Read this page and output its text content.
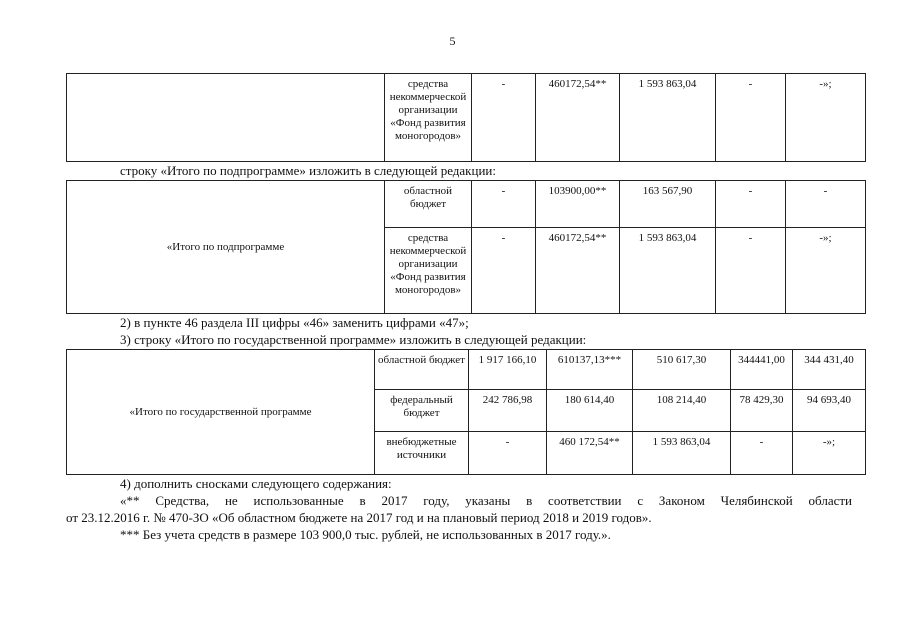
5
	средства некоммерческой организации «Фонд развития моногородов»	-	460172,54**	1 593 863,04	-	-»;
строку «Итого по подпрограмме» изложить в следующей редакции:
«Итого по подпрограмме	областной бюджет	-	103900,00**	163 567,90	-	-
	средства некоммерческой организации «Фонд развития моногородов»	-	460172,54**	1 593 863,04	-	-»;
2) в пункте 46 раздела III цифры «46» заменить цифрами «47»;
3) строку «Итого по государственной программе» изложить в следующей редакции:
«Итого по государственной программе	областной бюджет	1 917 166,10	610137,13***	510 617,30	344441,00	344 431,40
	федеральный бюджет	242 786,98	180 614,40	108 214,40	78 429,30	94 693,40
	внебюджетные источники	-	460 172,54**	1 593 863,04	-	-»;
4) дополнить сносками следующего содержания:
«** Средства, не использованные в 2017 году, указаны в соответствии с Законом Челябинской области
от 23.12.2016 г. № 470-ЗО «Об областном бюджете на 2017 год и на плановый период 2018 и 2019 годов».
*** Без учета средств в размере 103 900,0 тыс. рублей, не использованных в 2017 году.».
